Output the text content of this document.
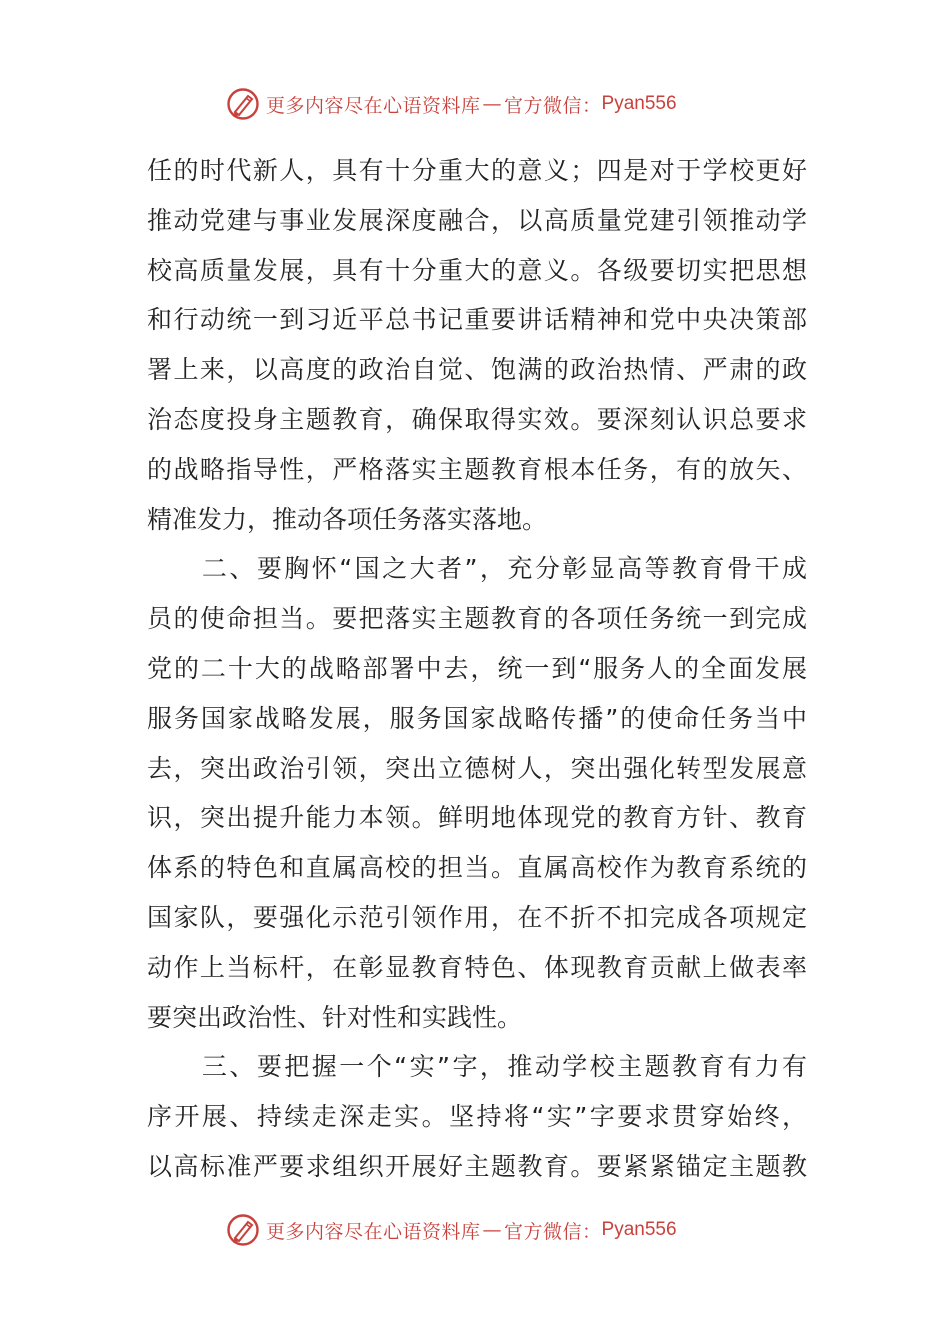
更多内容尽在心语资料库 — 官方微信： Pyan556
任的时代新人，具有十分重大的意义；四是对于学校更好
推动党建与事业发展深度融合，以高质量党建引领推动学
校高质量发展，具有十分重大的意义。各级要切实把思想
和行动统一到习近平总书记重要讲话精神和党中央决策部
署上来，以高度的政治自觉、饱满的政治热情、严肃的政
治态度投身主题教育，确保取得实效。要深刻认识总要求
的战略指导性，严格落实主题教育根本任务，有的放矢、
精准发力，推动各项任务落实落地。
　　二、要胸怀“国之大者”，充分彰显高等教育骨干成
员的使命担当。要把落实主题教育的各项任务统一到完成
党的二十大的战略部署中去，统一到“服务人的全面发展
服务国家战略发展，服务国家战略传播”的使命任务当中
去，突出政治引领，突出立德树人，突出强化转型发展意
识，突出提升能力本领。鲜明地体现党的教育方针、教育
体系的特色和直属高校的担当。直属高校作为教育系统的
国家队，要强化示范引领作用，在不折不扣完成各项规定
动作上当标杆，在彰显教育特色、体现教育贡献上做表率
要突出政治性、针对性和实践性。
　　三、要把握一个“实”字，推动学校主题教育有力有
序开展、持续走深走实。坚持将“实”字要求贯穿始终，
以高标准严要求组织开展好主题教育。要紧紧锚定主题教
更多内容尽在心语资料库 — 官方微信： Pyan556
